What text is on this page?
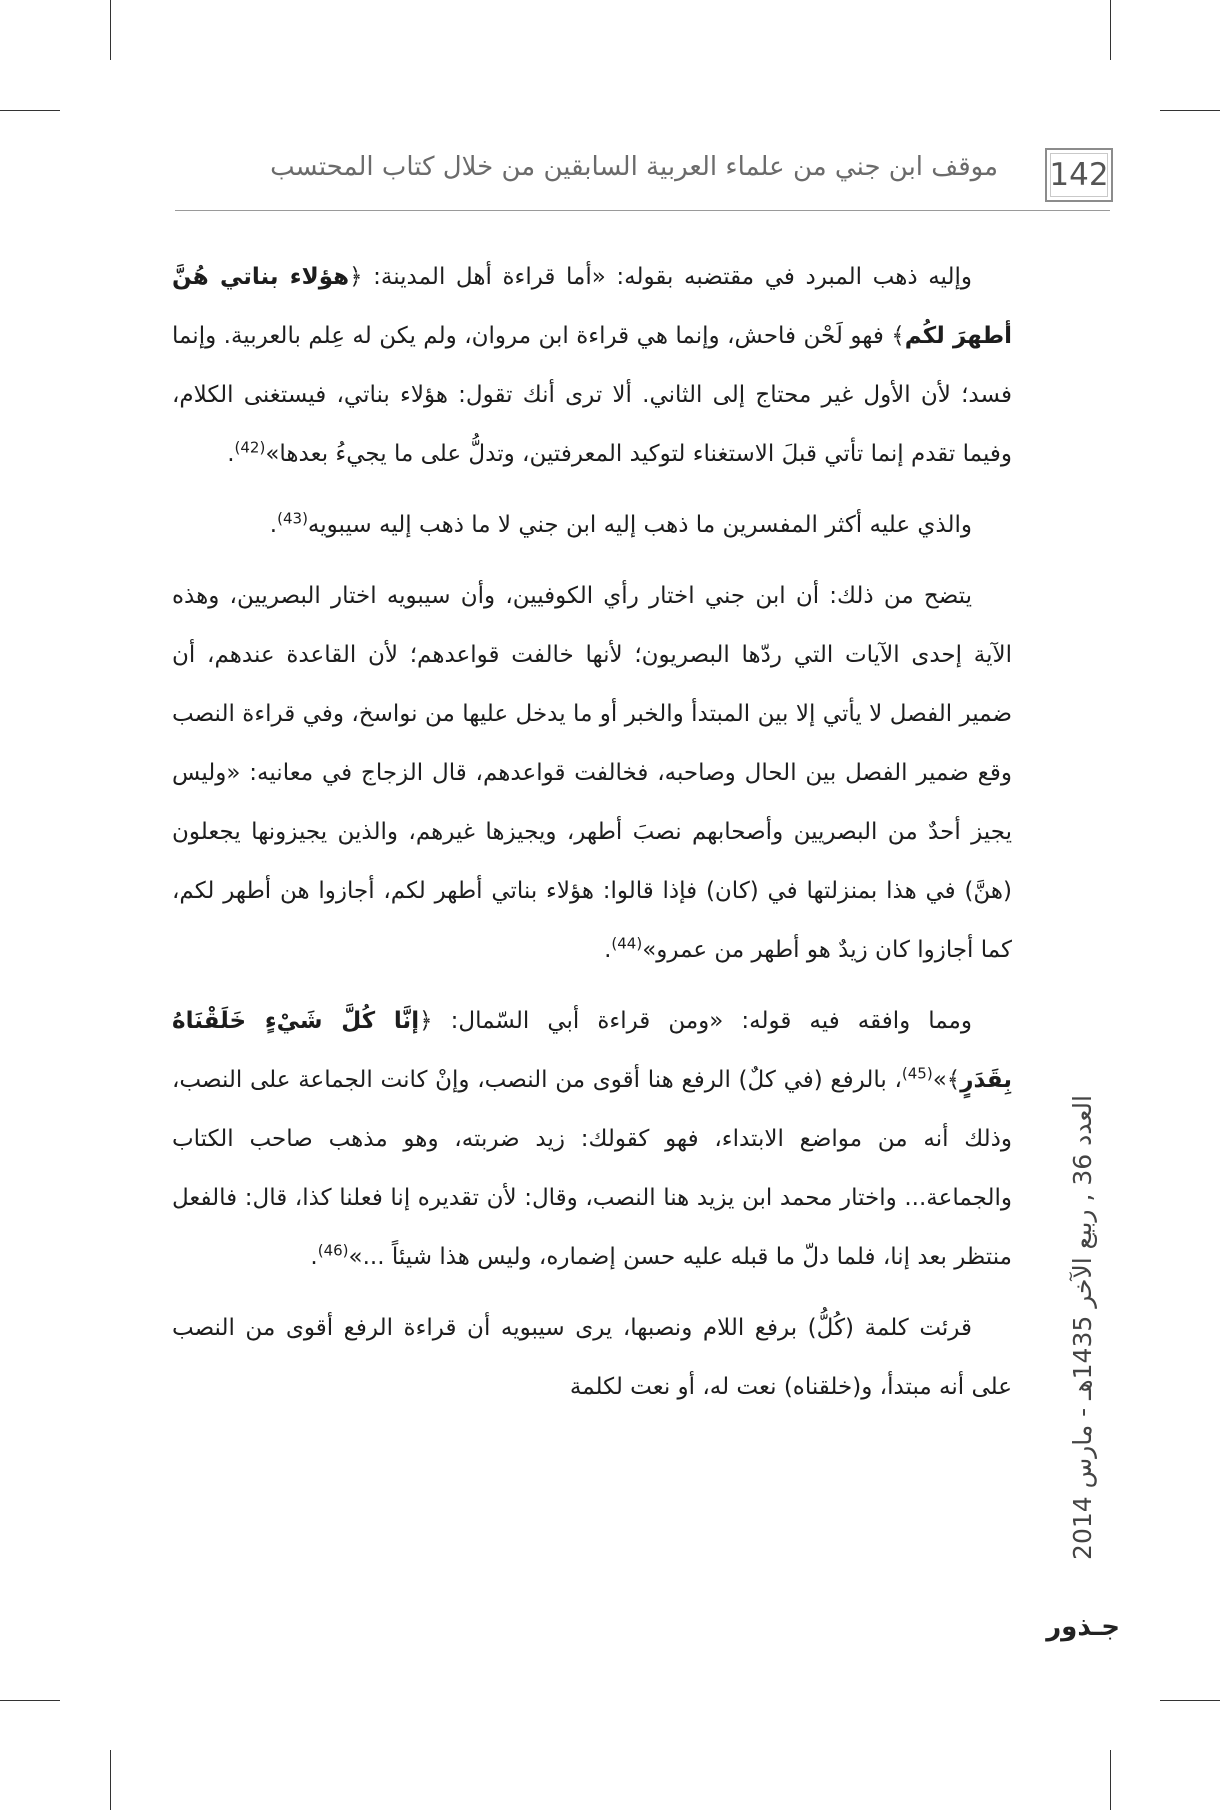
142
موقف ابن جني من علماء العربية السابقين من خلال كتاب المحتسب

وإليه ذهب المبرد في مقتضبه بقوله: «أما قراءة أهل المدينة: ﴿هؤلاء بناتي هُنَّ أطهرَ لكُم﴾ فهو لَحْن فاحش، وإنما هي قراءة ابن مروان، ولم يكن له عِلم بالعربية. وإنما فسد؛ لأن الأول غير محتاج إلى الثاني. ألا ترى أنك تقول: هؤلاء بناتي، فيستغنى الكلام، وفيما تقدم إنما تأتي قبلَ الاستغناء لتوكيد المعرفتين، وتدلُّ على ما يجيءُ بعدها»$^{(42)}$.

والذي عليه أكثر المفسرين ما ذهب إليه ابن جني لا ما ذهب إليه سيبويه$^{(43)}$.

يتضح من ذلك: أن ابن جني اختار رأي الكوفيين، وأن سيبويه اختار البصريين، وهذه الآية إحدى الآيات التي ردّها البصريون؛ لأنها خالفت قواعدهم؛ لأن القاعدة عندهم، أن ضمير الفصل لا يأتي إلا بين المبتدأ والخبر أو ما يدخل عليها من نواسخ، وفي قراءة النصب وقع ضمير الفصل بين الحال وصاحبه، فخالفت قواعدهم، قال الزجاج في معانيه: «وليس يجيز أحدٌ من البصريين وأصحابهم نصبَ أطهر، ويجيزها غيرهم، والذين يجيزونها يجعلون (هنَّ) في هذا بمنزلتها في (كان) فإذا قالوا: هؤلاء بناتي أطهر لكم، أجازوا هن أطهر لكم، كما أجازوا كان زيدٌ هو أطهر من عمرو»$^{(44)}$.

ومما وافقه فيه قوله: «ومن قراءة أبي السّمال: ﴿إنَّا كُلَّ شَيْءٍ خَلَقْنَاهُ بِقَدَرٍ﴾»$^{(45)}$، بالرفع (في كلٌ) الرفع هنا أقوى من النصب، وإنْ كانت الجماعة على النصب، وذلك أنه من مواضع الابتداء، فهو كقولك: زيد ضربته، وهو مذهب صاحب الكتاب والجماعة... واختار محمد ابن يزيد هنا النصب، وقال: لأن تقديره إنا فعلنا كذا، قال: فالفعل منتظر بعد إنا، فلما دلّ ما قبله عليه حسن إضماره، وليس هذا شيئاً ...»$^{(46)}$.

قرئت كلمة (كُلُّ) برفع اللام ونصبها، يرى سيبويه أن قراءة الرفع أقوى من النصب على أنه مبتدأ، و(خلقناه) نعت له، أو نعت لكلمة

العدد 36 , ربيع الآخر 1435هـ - مارس 2014
جـذور
